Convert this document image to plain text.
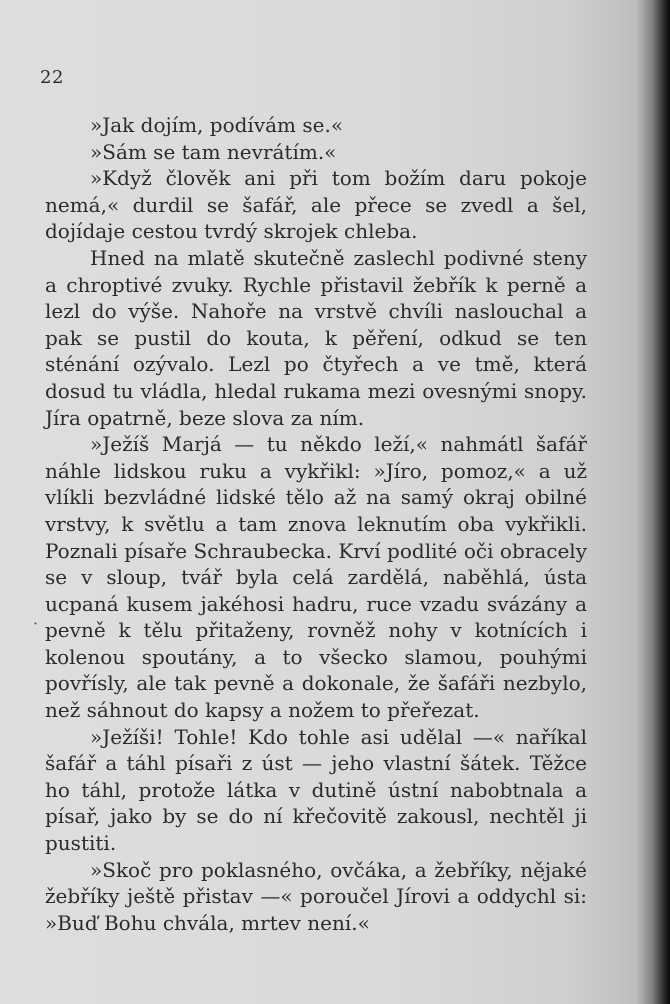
22

»Jak dojím, podívám se.«

»Sám se tam nevrátím.«

»Když člověk ani při tom božím daru pokoje nemá,« durdil se šafář, ale přece se zvedl a šel, dojídaje cestou tvrdý skrojek chleba.

Hned na mlatě skutečně zaslechl podivné steny a chroptivé zvuky. Rychle přistavil žebřík k perně a lezl do výše. Nahoře na vrstvě chvíli naslouchal a pak se pustil do kouta, k pěření, odkud se ten sténání ozývalo. Lezl po čtyřech a ve tmě, která dosud tu vládla, hledal rukama mezi ovesnými snopy. Jíra opatrně, beze slova za ním.

»Ježíš Marjá — tu někdo leží,« nahmátl šafář náhle lidskou ruku a vykřikl: »Jíro, pomoz,« a už vlíkli bezvládné lidské tělo až na samý okraj obilné vrstvy, k světlu a tam znova leknutím oba vykřikli. Poznali písaře Schraubecka. Krví podlité oči obracely se v sloup, tvář byla celá zardělá, naběhlá, ústa ucpaná kusem jakéhosi hadru, ruce vzadu svázány a pevně k tělu přitaženy, rovněž nohy v kotnících i kolenou spoutány, a to všecko slamou, pouhými povřísly, ale tak pevně a dokonale, že šafáři nezbylo, než sáhnout do kapsy a nožem to přeřezat.

»Ježíši! Tohle! Kdo tohle asi udělal —« naříkal šafář a táhl písaři z úst — jeho vlastní šátek. Těžce ho táhl, protože látka v dutině ústní nabobtnala a písař, jako by se do ní křečovitě zakousl, nechtěl ji pustiti.

»Skoč pro poklasného, ovčáka, a žebříky, nějaké žebříky ještě přistav —« poroučel Jírovi a oddychl si: »Buď Bohu chvála, mrtev není.«

·
